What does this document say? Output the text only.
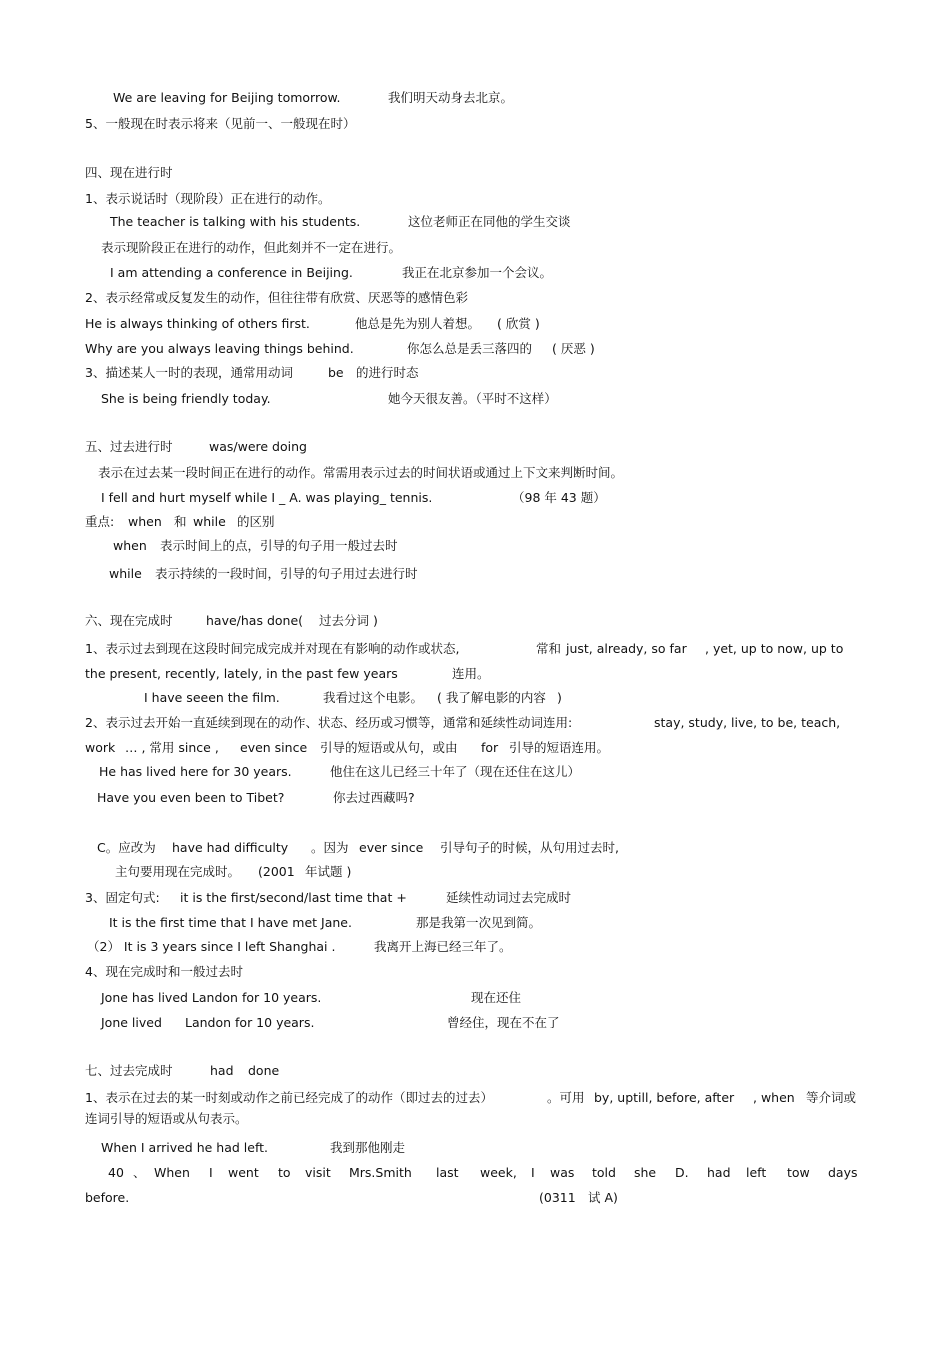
We are leaving for Beijing tomorrow.	我们明天动身去北京。
5、一般现在时表示将来（见前一、一般现在时）
四、现在进行时
1、表示说话时（现阶段）正在进行的动作。
The teacher is talking with his students.	这位老师正在同他的学生交谈
表示现阶段正在进行的动作，但此刻并不一定在进行。
I am attending a conference in Beijing.	我正在北京参加一个会议。
2、表示经常或反复发生的动作，但往往带有欣赏、厌恶等的感情色彩
He is always thinking of others first.	他总是先为别人着想。 ( 欣赏 )
Why are you always leaving things behind.	你怎么总是丢三落四的 ( 厌恶 )
3、描述某人一时的表现，通常用动词	be 的进行时态
She is being friendly today.	她今天很友善。（平时不这样）
五、过去进行时	was/were doing
表示在过去某一段时间正在进行的动作。常需用表示过去的时间状语或通过上下文来判断时间。
I fell and hurt myself while I _ A. was playing_ tennis.	（98 年 43 题）
重点: when 和 while 的区别
when 表示时间上的点，引导的句子用一般过去时
while 表示持续的一段时间，引导的句子用过去进行时
六、现在完成时	have/has done( 过去分词 )
1、表示过去到现在这段时间完成完成并对现在有影响的动作或状态,	常和 just, already, so far , yet, up to now, up to
the present, recently, lately, in the past few years	连用。
I have seeen the film.	我看过这个电影。 ( 我了解电影的内容 )
2、表示过去开始一直延续到现在的动作、状态、经历或习惯等，通常和延续性动词连用:	stay, study, live, to be, teach,
work … , 常用 since , even since 引导的短语或从句，或由 for 引导的短语连用。
He has lived here for 30 years.	他住在这儿已经三十年了（现在还住在这儿）
Have you even been to Tibet?	你去过西藏吗?
C。应改为 have had difficulty 。因为 ever since 引导句子的时候，从句用过去时,
主句要用现在完成时。 (2001 年试题 )
3、固定句式: it is the first/second/last time that +	延续性动词过去完成时
It is the first time that I have met Jane.	那是我第一次见到简。
（2） It is 3 years since I left Shanghai .	我离开上海已经三年了。
4、现在完成时和一般过去时
Jone has lived Landon for 10 years.	现在还住
Jone lived Landon for 10 years.	曾经住，现在不在了
七、过去完成时	had done
1、表示在过去的某一时刻或动作之前已经完成了的动作（即过去的过去）	。可用 by, uptill, before, after , when 等介词或
连词引导的短语或从句表示。
When I arrived he had left.	我到那他刚走
40 、 When I went to visit Mrs.Smith last week, I was told she D. had left tow days
before.	(0311 试 A)
